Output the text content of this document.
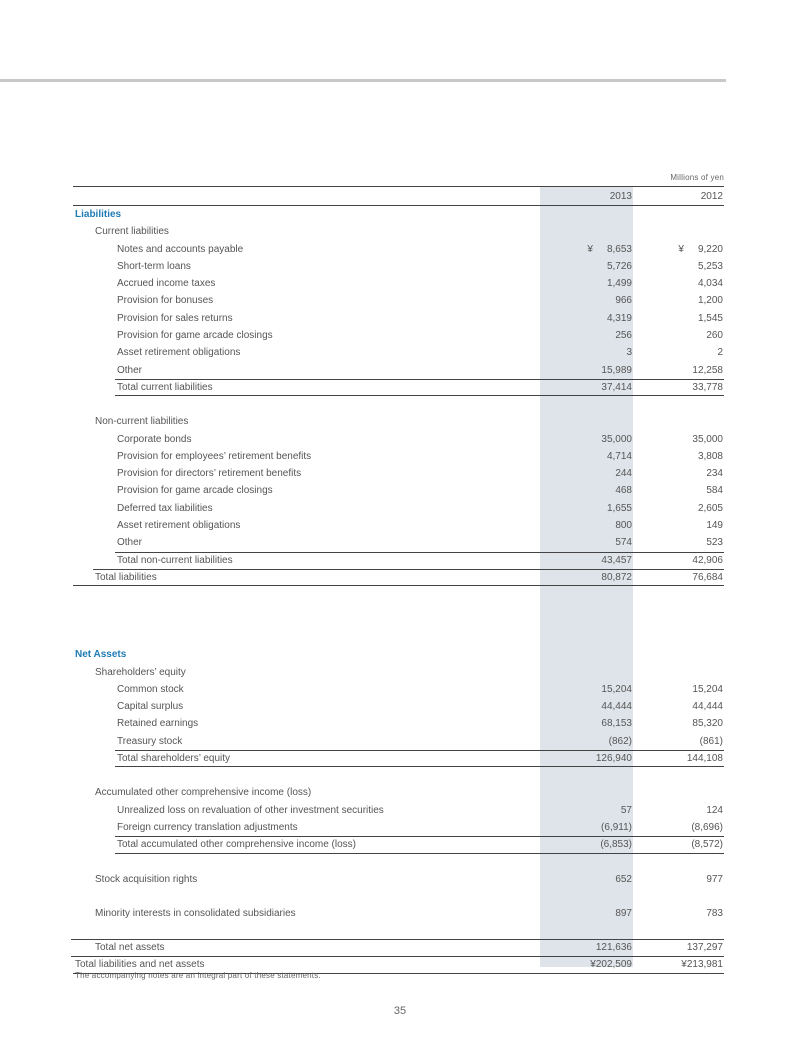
Millions of yen
2013	2012
Liabilities
Current liabilities
Notes and accounts payable	¥ 8,653	¥ 9,220
Short-term loans	5,726	5,253
Accrued income taxes	1,499	4,034
Provision for bonuses	966	1,200
Provision for sales returns	4,319	1,545
Provision for game arcade closings	256	260
Asset retirement obligations	3	2
Other	15,989	12,258
Total current liabilities	37,414	33,778
Non-current liabilities
Corporate bonds	35,000	35,000
Provision for employees’ retirement benefits	4,714	3,808
Provision for directors’ retirement benefits	244	234
Provision for game arcade closings	468	584
Deferred tax liabilities	1,655	2,605
Asset retirement obligations	800	149
Other	574	523
Total non-current liabilities	43,457	42,906
Total liabilities	80,872	76,684
Net Assets
Shareholders’ equity
Common stock	15,204	15,204
Capital surplus	44,444	44,444
Retained earnings	68,153	85,320
Treasury stock	(862)	(861)
Total shareholders’ equity	126,940	144,108
Accumulated other comprehensive income (loss)
Unrealized loss on revaluation of other investment securities	57	124
Foreign currency translation adjustments	(6,911)	(8,696)
Total accumulated other comprehensive income (loss)	(6,853)	(8,572)
Stock acquisition rights	652	977
Minority interests in consolidated subsidiaries	897	783
Total net assets	121,636	137,297
Total liabilities and net assets	¥202,509	¥213,981
The accompanying notes are an integral part of these statements.
35
